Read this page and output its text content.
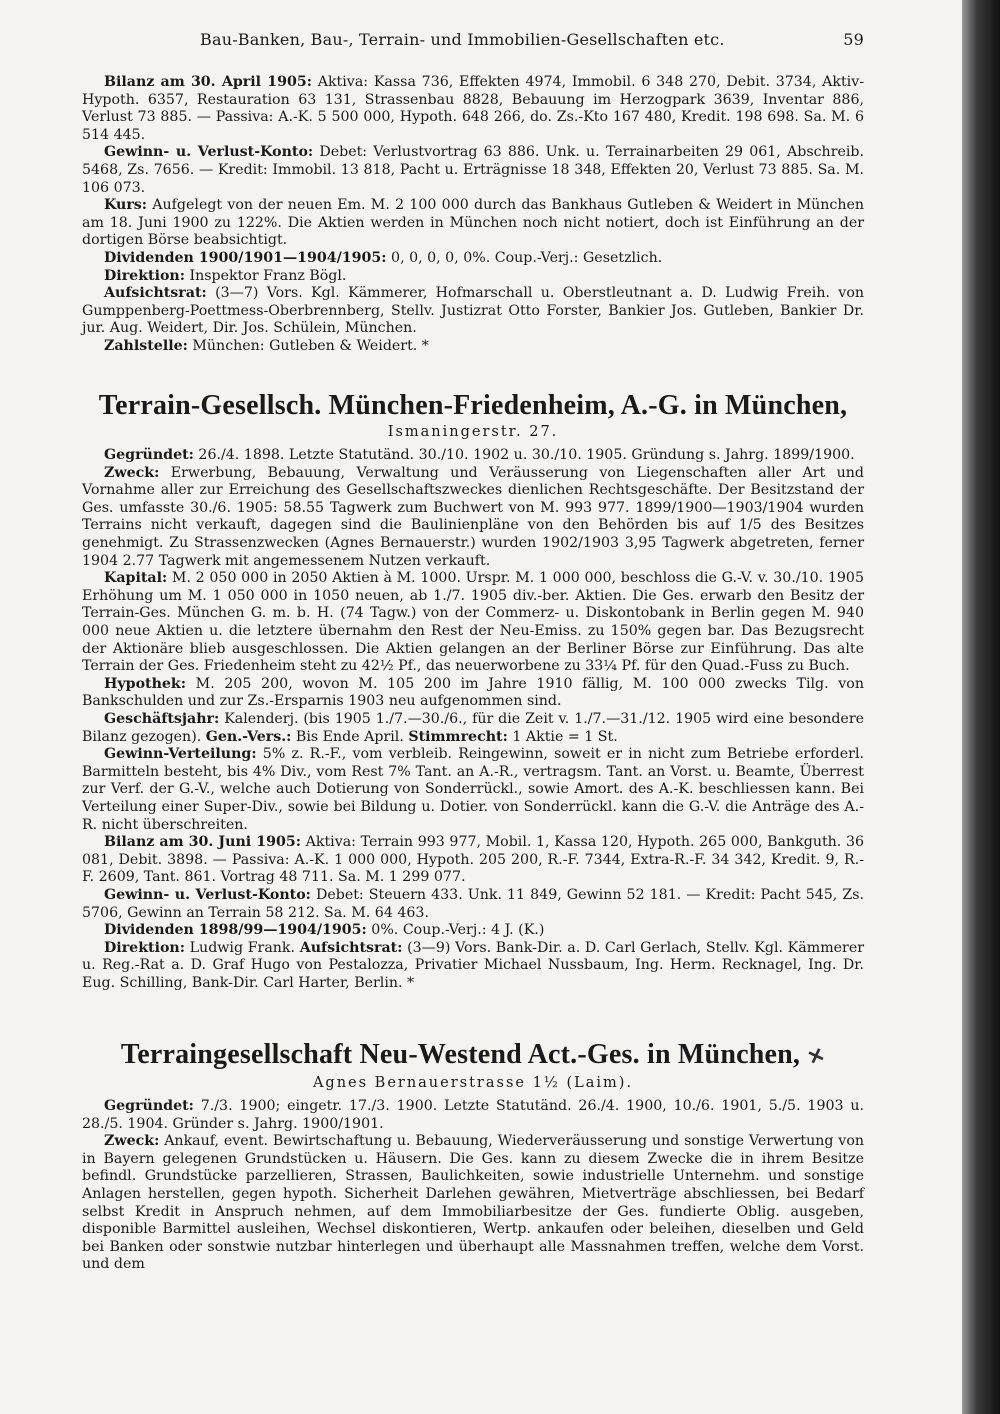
Bau-Banken, Bau-, Terrain- und Immobilien-Gesellschaften etc.	59

Bilanz am 30. April 1905: Aktiva: Kassa 736, Effekten 4974, Immobil. 6 348 270, Debit. 3734, Aktiv-Hypoth. 6357, Restauration 63 131, Strassenbau 8828, Bebauung im Herzogpark 3639, Inventar 886, Verlust 73 885. — Passiva: A.-K. 5 500 000, Hypoth. 648 266, do. Zs.-Kto 167 480, Kredit. 198 698. Sa. M. 6 514 445.

Gewinn- u. Verlust-Konto: Debet: Verlustvortrag 63 886. Unk. u. Terrainarbeiten 29 061, Abschreib. 5468, Zs. 7656. — Kredit: Immobil. 13 818, Pacht u. Erträgnisse 18 348, Effekten 20, Verlust 73 885. Sa. M. 106 073.

Kurs: Aufgelegt von der neuen Em. M. 2 100 000 durch das Bankhaus Gutleben & Weidert in München am 18. Juni 1900 zu 122%. Die Aktien werden in München noch nicht notiert, doch ist Einführung an der dortigen Börse beabsichtigt.

Dividenden 1900/1901—1904/1905: 0, 0, 0, 0, 0%. Coup.-Verj.: Gesetzlich.

Direktion: Inspektor Franz Bögl.

Aufsichtsrat: (3—7) Vors. Kgl. Kämmerer, Hofmarschall u. Oberstleutnant a. D. Ludwig Freih. von Gumppenberg-Poettmess-Oberbrennberg, Stellv. Justizrat Otto Forster, Bankier Jos. Gutleben, Bankier Dr. jur. Aug. Weidert, Dir. Jos. Schülein, München.

Zahlstelle: München: Gutleben & Weidert. *

Terrain-Gesellsch. München-Friedenheim, A.-G. in München,
Ismaningerstr. 27.

Gegründet: 26./4. 1898. Letzte Statutänd. 30./10. 1902 u. 30./10. 1905. Gründung s. Jahrg. 1899/1900.

Zweck: Erwerbung, Bebauung, Verwaltung und Veräusserung von Liegenschaften aller Art und Vornahme aller zur Erreichung des Gesellschaftszweckes dienlichen Rechtsgeschäfte. Der Besitzstand der Ges. umfasste 30./6. 1905: 58.55 Tagwerk zum Buchwert von M. 993 977. 1899/1900—1903/1904 wurden Terrains nicht verkauft, dagegen sind die Baulinienpläne von den Behörden bis auf 1/5 des Besitzes genehmigt. Zu Strassenzwecken (Agnes Bernauerstr.) wurden 1902/1903 3,95 Tagwerk abgetreten, ferner 1904 2.77 Tagwerk mit angemessenem Nutzen verkauft.

Kapital: M. 2 050 000 in 2050 Aktien à M. 1000. Urspr. M. 1 000 000, beschloss die G.-V. v. 30./10. 1905 Erhöhung um M. 1 050 000 in 1050 neuen, ab 1./7. 1905 div.-ber. Aktien. Die Ges. erwarb den Besitz der Terrain-Ges. München G. m. b. H. (74 Tagw.) von der Commerz- u. Diskontobank in Berlin gegen M. 940 000 neue Aktien u. die letztere übernahm den Rest der Neu-Emiss. zu 150% gegen bar. Das Bezugsrecht der Aktionäre blieb ausgeschlossen. Die Aktien gelangen an der Berliner Börse zur Einführung. Das alte Terrain der Ges. Friedenheim steht zu 42½ Pf., das neuerworbene zu 33¼ Pf. für den Quad.-Fuss zu Buch.

Hypothek: M. 205 200, wovon M. 105 200 im Jahre 1910 fällig, M. 100 000 zwecks Tilg. von Bankschulden und zur Zs.-Ersparnis 1903 neu aufgenommen sind.

Geschäftsjahr: Kalenderj. (bis 1905 1./7.—30./6., für die Zeit v. 1./7.—31./12. 1905 wird eine besondere Bilanz gezogen). Gen.-Vers.: Bis Ende April. Stimmrecht: 1 Aktie = 1 St.

Gewinn-Verteilung: 5% z. R.-F., vom verbleib. Reingewinn, soweit er in nicht zum Betriebe erforderl. Barmitteln besteht, bis 4% Div., vom Rest 7% Tant. an A.-R., vertragsm. Tant. an Vorst. u. Beamte, Überrest zur Verf. der G.-V., welche auch Dotierung von Sonderrückl., sowie Amort. des A.-K. beschliessen kann. Bei Verteilung einer Super-Div., sowie bei Bildung u. Dotier. von Sonderrückl. kann die G.-V. die Anträge des A.-R. nicht überschreiten.

Bilanz am 30. Juni 1905: Aktiva: Terrain 993 977, Mobil. 1, Kassa 120, Hypoth. 265 000, Bankguth. 36 081, Debit. 3898. — Passiva: A.-K. 1 000 000, Hypoth. 205 200, R.-F. 7344, Extra-R.-F. 34 342, Kredit. 9, R.-F. 2609, Tant. 861. Vortrag 48 711. Sa. M. 1 299 077.

Gewinn- u. Verlust-Konto: Debet: Steuern 433. Unk. 11 849, Gewinn 52 181. — Kredit: Pacht 545, Zs. 5706, Gewinn an Terrain 58 212. Sa. M. 64 463.

Dividenden 1898/99—1904/1905: 0%. Coup.-Verj.: 4 J. (K.)

Direktion: Ludwig Frank. Aufsichtsrat: (3—9) Vors. Bank-Dir. a. D. Carl Gerlach, Stellv. Kgl. Kämmerer u. Reg.-Rat a. D. Graf Hugo von Pestalozza, Privatier Michael Nussbaum, Ing. Herm. Recknagel, Ing. Dr. Eug. Schilling, Bank-Dir. Carl Harter, Berlin. *

Terraingesellschaft Neu-Westend Act.-Ges. in München, ✕
Agnes Bernauerstrasse 1½ (Laim).

Gegründet: 7./3. 1900; eingetr. 17./3. 1900. Letzte Statutänd. 26./4. 1900, 10./6. 1901, 5./5. 1903 u. 28./5. 1904. Gründer s. Jahrg. 1900/1901.

Zweck: Ankauf, event. Bewirtschaftung u. Bebauung, Wiederveräusserung und sonstige Verwertung von in Bayern gelegenen Grundstücken u. Häusern. Die Ges. kann zu diesem Zwecke die in ihrem Besitze befindl. Grundstücke parzellieren, Strassen, Baulichkeiten, sowie industrielle Unternehm. und sonstige Anlagen herstellen, gegen hypoth. Sicherheit Darlehen gewähren, Mietverträge abschliessen, bei Bedarf selbst Kredit in Anspruch nehmen, auf dem Immobiliarbesitze der Ges. fundierte Oblig. ausgeben, disponible Barmittel ausleihen, Wechsel diskontieren, Wertp. ankaufen oder beleihen, dieselben und Geld bei Banken oder sonstwie nutzbar hinterlegen und überhaupt alle Massnahmen treffen, welche dem Vorst. und dem
